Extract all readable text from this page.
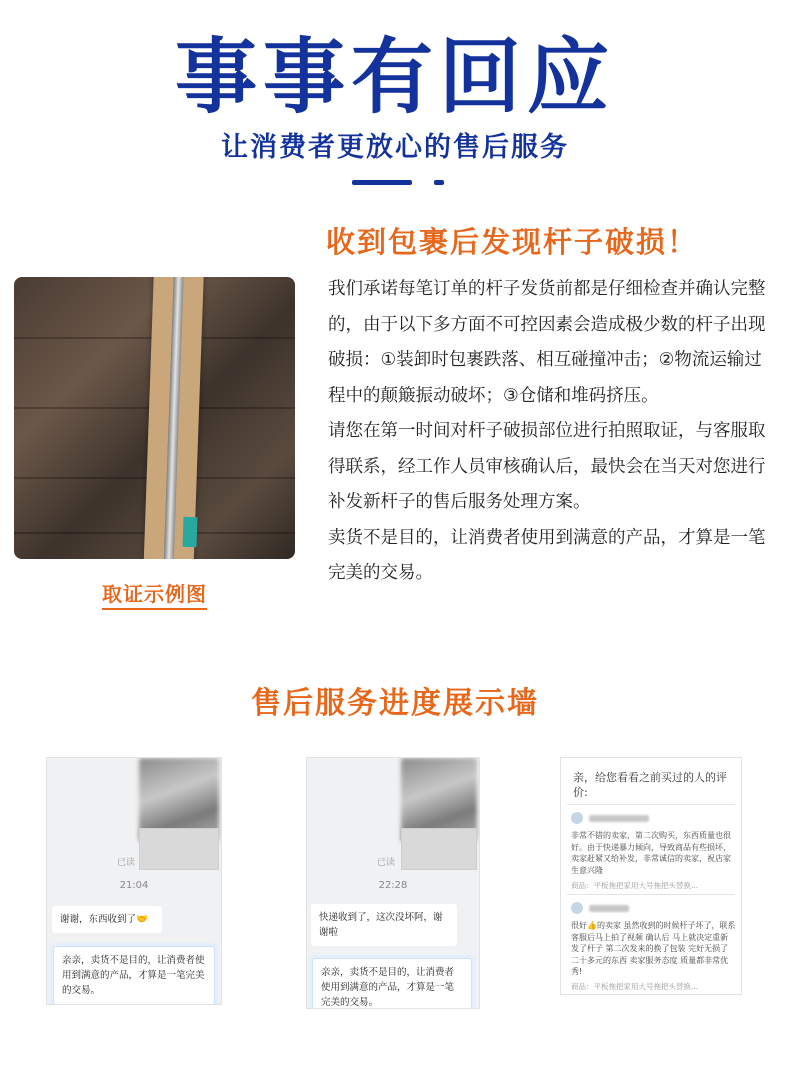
事事有回应
让消费者更放心的售后服务
收到包裹后发现杆子破损！
取证示例图

我们承诺每笔订单的杆子发货前都是仔细检查并确认完整的，由于以下多方面不可控因素会造成极少数的杆子出现破损：①装卸时包裹跌落、相互碰撞冲击；②物流运输过程中的颠簸振动破坏；③仓储和堆码挤压。

请您在第一时间对杆子破损部位进行拍照取证，与客服取得联系，经工作人员审核确认后，最快会在当天对您进行补发新杆子的售后服务处理方案。

卖货不是目的，让消费者使用到满意的产品，才算是一笔完美的交易。

售后服务进度展示墙
已读
21:04
谢谢，东西收到了🤝
亲亲，卖货不是目的，让消费者使用到满意的产品，才算是一笔完美的交易。
已读
22:28
快递收到了，这次没坏阿，谢谢啦
亲亲，卖货不是目的，让消费者使用到满意的产品，才算是一笔完美的交易。
亲，给您看看之前买过的人的评价:
非常不错的卖家，第二次购买，东西质量也很好。由于快递暴力倾向，导致商品有些损坏，卖家赶紧又给补发，非常诚信的卖家，祝店家生意兴隆
商品：平板拖把家用大号拖把头替换...
很好👍的卖家 虽然收到的时候杆子坏了，联系客服后马上拍了视频 确认后 马上就决定重新发了杆子 第二次发来的换了包装 完好无损了 二十多元的东西 卖家服务态度 质量都非常优秀!
商品：平板拖把家用大号拖把头替换...
